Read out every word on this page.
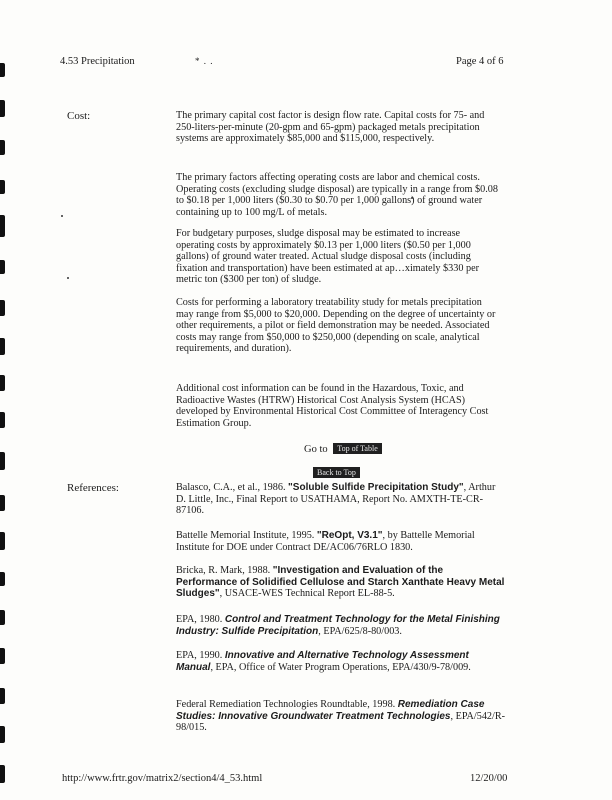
4.53 Precipitation	* . .	Page 4 of 6
Cost:	The primary capital cost factor is design flow rate. Capital costs for 75- and 250-liters-per-minute (20-gpm and 65-gpm) packaged metals precipitation systems are approximately $85,000 and $115,000, respectively.
The primary factors affecting operating costs are labor and chemical costs. Operating costs (excluding sludge disposal) are typically in a range from $0.08 to $0.18 per 1,000 liters ($0.30 to $0.70 per 1,000 gallons) of ground water containing up to 100 mg/L of metals.
For budgetary purposes, sludge disposal may be estimated to increase operating costs by approximately $0.13 per 1,000 liters ($0.50 per 1,000 gallons) of ground water treated. Actual sludge disposal costs (including fixation and transportation) have been estimated at ap…ximately $330 per metric ton ($300 per ton) of sludge.
Costs for performing a laboratory treatability study for metals precipitation may range from $5,000 to $20,000. Depending on the degree of uncertainty or other requirements, a pilot or field demonstration may be needed. Associated costs may range from $50,000 to $250,000 (depending on scale, analytical requirements, and duration).
Additional cost information can be found in the Hazardous, Toxic, and Radioactive Wastes (HTRW) Historical Cost Analysis System (HCAS) developed by Environmental Historical Cost Committee of Interagency Cost Estimation Group.
Go to Top of Table
Back to Top
References:	Balasco, C.A., et al., 1986. "Soluble Sulfide Precipitation Study", Arthur D. Little, Inc., Final Report to USATHAMA, Report No. AMXTH-TE-CR-87106.
Battelle Memorial Institute, 1995. "ReOpt, V3.1", by Battelle Memorial Institute for DOE under Contract DE/AC06/76RLO 1830.
Bricka, R. Mark, 1988. "Investigation and Evaluation of the Performance of Solidified Cellulose and Starch Xanthate Heavy Metal Sludges", USACE-WES Technical Report EL-88-5.
EPA, 1980. Control and Treatment Technology for the Metal Finishing Industry: Sulfide Precipitation, EPA/625/8-80/003.
EPA, 1990. Innovative and Alternative Technology Assessment Manual, EPA, Office of Water Program Operations, EPA/430/9-78/009.
Federal Remediation Technologies Roundtable, 1998. Remediation Case Studies: Innovative Groundwater Treatment Technologies, EPA/542/R-98/015.
http://www.frtr.gov/matrix2/section4/4_53.html	12/20/00
